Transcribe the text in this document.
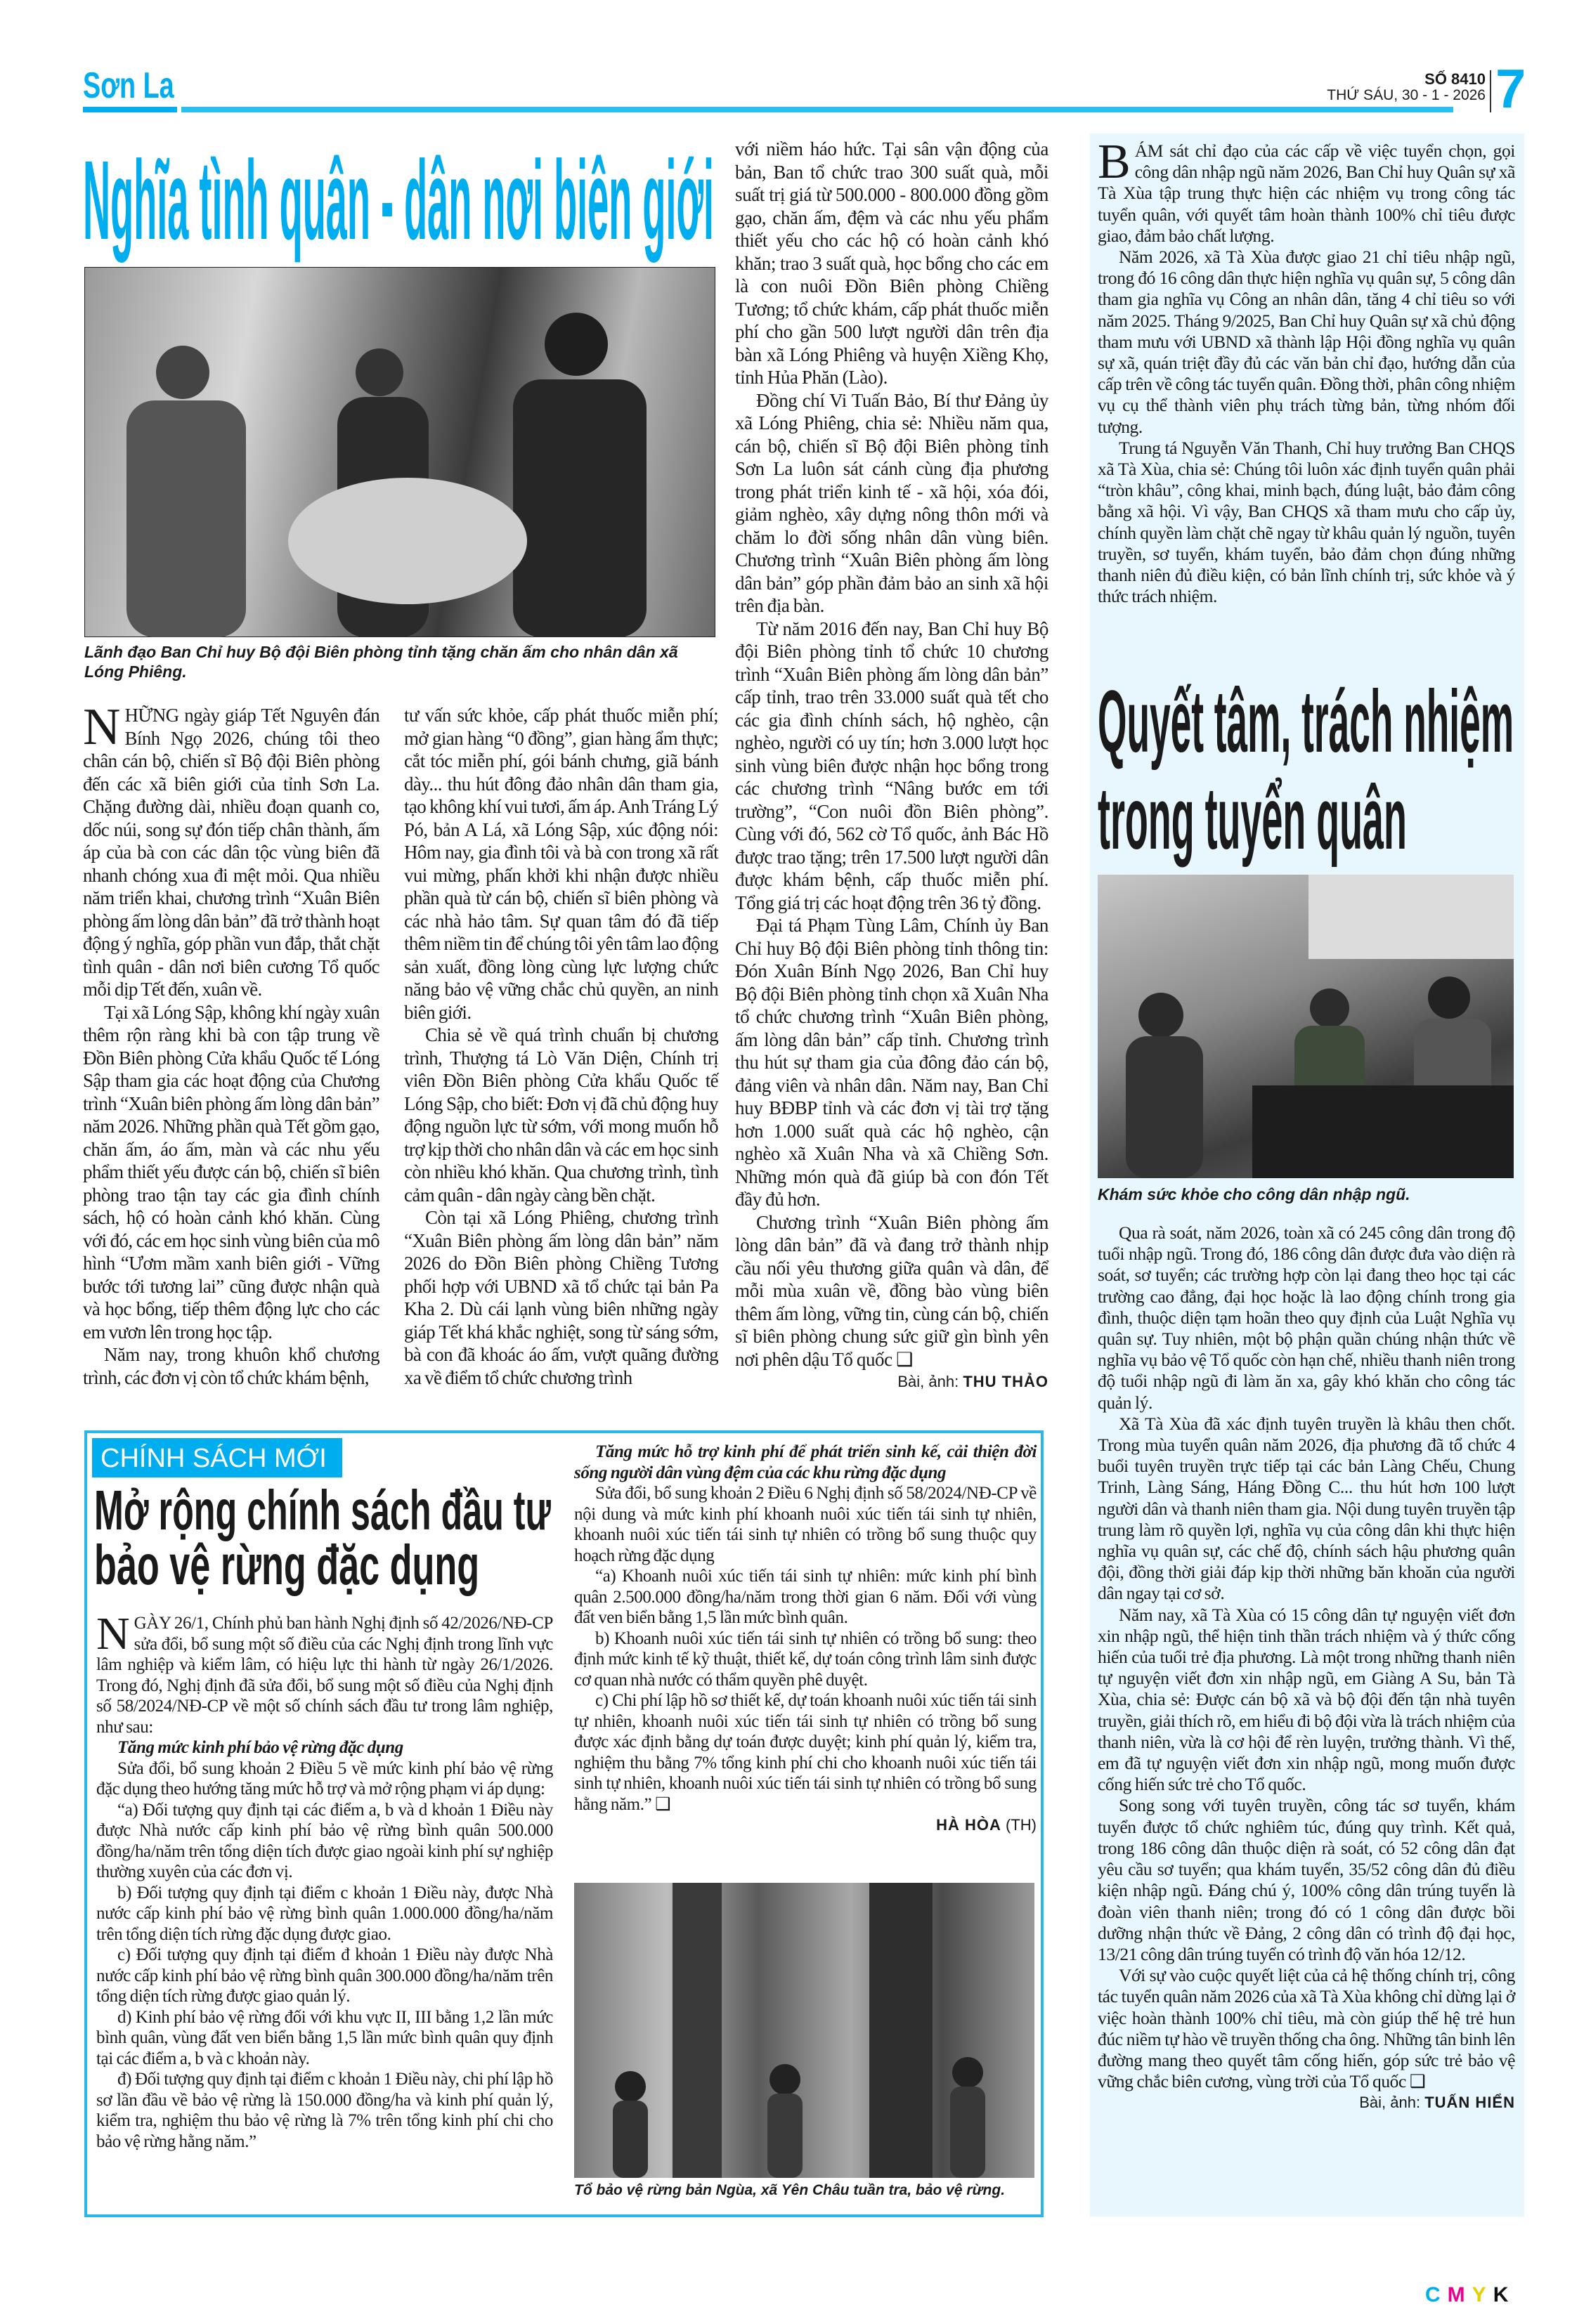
Sơn La	SỐ 8410
THỨ SÁU, 30 - 1 - 2026 7
Nghĩa tình quân - dân nơi biên giới
Lãnh đạo Ban Chỉ huy Bộ đội Biên phòng tỉnh tặng chăn ấm cho nhân dân xã Lóng Phiêng.
N HỮNG ngày giáp Tết Nguyên đán Bính Ngọ 2026, chúng tôi theo chân cán bộ, chiến sĩ Bộ đội Biên phòng đến các xã biên giới của tỉnh Sơn La. Chặng đường dài, nhiều đoạn quanh co, dốc núi, song sự đón tiếp chân thành, ấm áp của bà con các dân tộc vùng biên đã nhanh chóng xua đi mệt mỏi. Qua nhiều năm triển khai, chương trình “Xuân Biên phòng ấm lòng dân bản” đã trở thành hoạt động ý nghĩa, góp phần vun đắp, thắt chặt tình quân - dân nơi biên cương Tổ quốc mỗi dịp Tết đến, xuân về.

Tại xã Lóng Sập, không khí ngày xuân thêm rộn ràng khi bà con tập trung về Đồn Biên phòng Cửa khẩu Quốc tế Lóng Sập tham gia các hoạt động của Chương trình “Xuân biên phòng ấm lòng dân bản” năm 2026. Những phần quà Tết gồm gạo, chăn ấm, áo ấm, màn và các nhu yếu phẩm thiết yếu được cán bộ, chiến sĩ biên phòng trao tận tay các gia đình chính sách, hộ có hoàn cảnh khó khăn. Cùng với đó, các em học sinh vùng biên của mô hình “Ươm mầm xanh biên giới - Vững bước tới tương lai” cũng được nhận quà và học bổng, tiếp thêm động lực cho các em vươn lên trong học tập.

Năm nay, trong khuôn khổ chương trình, các đơn vị còn tổ chức khám bệnh,

tư vấn sức khỏe, cấp phát thuốc miễn phí; mở gian hàng “0 đồng”, gian hàng ẩm thực; cắt tóc miễn phí, gói bánh chưng, giã bánh dày... thu hút đông đảo nhân dân tham gia, tạo không khí vui tươi, ấm áp. Anh Tráng Lý Pó, bản A Lá, xã Lóng Sập, xúc động nói: Hôm nay, gia đình tôi và bà con trong xã rất vui mừng, phấn khởi khi nhận được nhiều phần quà từ cán bộ, chiến sĩ biên phòng và các nhà hảo tâm. Sự quan tâm đó đã tiếp thêm niềm tin để chúng tôi yên tâm lao động sản xuất, đồng lòng cùng lực lượng chức năng bảo vệ vững chắc chủ quyền, an ninh biên giới.

Chia sẻ về quá trình chuẩn bị chương trình, Thượng tá Lò Văn Diện, Chính trị viên Đồn Biên phòng Cửa khẩu Quốc tế Lóng Sập, cho biết: Đơn vị đã chủ động huy động nguồn lực từ sớm, với mong muốn hỗ trợ kịp thời cho nhân dân và các em học sinh còn nhiều khó khăn. Qua chương trình, tình cảm quân - dân ngày càng bền chặt.

Còn tại xã Lóng Phiêng, chương trình “Xuân Biên phòng ấm lòng dân bản” năm 2026 do Đồn Biên phòng Chiềng Tương phối hợp với UBND xã tổ chức tại bản Pa Kha 2. Dù cái lạnh vùng biên những ngày giáp Tết khá khắc nghiệt, song từ sáng sớm, bà con đã khoác áo ấm, vượt quãng đường xa về điểm tổ chức chương trình

với niềm háo hức. Tại sân vận động của bản, Ban tổ chức trao 300 suất quà, mỗi suất trị giá từ 500.000 - 800.000 đồng gồm gạo, chăn ấm, đệm và các nhu yếu phẩm thiết yếu cho các hộ có hoàn cảnh khó khăn; trao 3 suất quà, học bổng cho các em là con nuôi Đồn Biên phòng Chiềng Tương; tổ chức khám, cấp phát thuốc miễn phí cho gần 500 lượt người dân trên địa bàn xã Lóng Phiêng và huyện Xiềng Khọ, tỉnh Hủa Phăn (Lào).

Đồng chí Vi Tuấn Bảo, Bí thư Đảng ủy xã Lóng Phiêng, chia sẻ: Nhiều năm qua, cán bộ, chiến sĩ Bộ đội Biên phòng tỉnh Sơn La luôn sát cánh cùng địa phương trong phát triển kinh tế - xã hội, xóa đói, giảm nghèo, xây dựng nông thôn mới và chăm lo đời sống nhân dân vùng biên. Chương trình “Xuân Biên phòng ấm lòng dân bản” góp phần đảm bảo an sinh xã hội trên địa bàn.

Từ năm 2016 đến nay, Ban Chỉ huy Bộ đội Biên phòng tỉnh tổ chức 10 chương trình “Xuân Biên phòng ấm lòng dân bản” cấp tỉnh, trao trên 33.000 suất quà tết cho các gia đình chính sách, hộ nghèo, cận nghèo, người có uy tín; hơn 3.000 lượt học sinh vùng biên được nhận học bổng trong các chương trình “Nâng bước em tới trường”, “Con nuôi đồn Biên phòng”. Cùng với đó, 562 cờ Tổ quốc, ảnh Bác Hồ được trao tặng; trên 17.500 lượt người dân được khám bệnh, cấp thuốc miễn phí. Tổng giá trị các hoạt động trên 36 tỷ đồng.

Đại tá Phạm Tùng Lâm, Chính ủy Ban Chỉ huy Bộ đội Biên phòng tỉnh thông tin: Đón Xuân Bính Ngọ 2026, Ban Chỉ huy Bộ đội Biên phòng tỉnh chọn xã Xuân Nha tổ chức chương trình “Xuân Biên phòng, ấm lòng dân bản” cấp tỉnh. Chương trình thu hút sự tham gia của đông đảo cán bộ, đảng viên và nhân dân. Năm nay, Ban Chỉ huy BĐBP tỉnh và các đơn vị tài trợ tặng hơn 1.000 suất quà các hộ nghèo, cận nghèo xã Xuân Nha và xã Chiềng Sơn. Những món quà đã giúp bà con đón Tết đầy đủ hơn.

Chương trình “Xuân Biên phòng ấm lòng dân bản” đã và đang trở thành nhịp cầu nối yêu thương giữa quân và dân, để mỗi mùa xuân về, đồng bào vùng biên thêm ấm lòng, vững tin, cùng cán bộ, chiến sĩ biên phòng chung sức giữ gìn bình yên nơi phên dậu Tổ quốc ❑

Bài, ảnh: THU THẢO
B ÁM sát chỉ đạo của các cấp về việc tuyển chọn, gọi công dân nhập ngũ năm 2026, Ban Chỉ huy Quân sự xã Tà Xùa tập trung thực hiện các nhiệm vụ trong công tác tuyển quân, với quyết tâm hoàn thành 100% chỉ tiêu được giao, đảm bảo chất lượng.

Năm 2026, xã Tà Xùa được giao 21 chỉ tiêu nhập ngũ, trong đó 16 công dân thực hiện nghĩa vụ quân sự, 5 công dân tham gia nghĩa vụ Công an nhân dân, tăng 4 chỉ tiêu so với năm 2025. Tháng 9/2025, Ban Chỉ huy Quân sự xã chủ động tham mưu với UBND xã thành lập Hội đồng nghĩa vụ quân sự xã, quán triệt đầy đủ các văn bản chỉ đạo, hướng dẫn của cấp trên về công tác tuyển quân. Đồng thời, phân công nhiệm vụ cụ thể thành viên phụ trách từng bản, từng nhóm đối tượng.

Trung tá Nguyễn Văn Thanh, Chỉ huy trưởng Ban CHQS xã Tà Xùa, chia sẻ: Chúng tôi luôn xác định tuyển quân phải “tròn khâu”, công khai, minh bạch, đúng luật, bảo đảm công bằng xã hội. Vì vậy, Ban CHQS xã tham mưu cho cấp ủy, chính quyền làm chặt chẽ ngay từ khâu quản lý nguồn, tuyên truyền, sơ tuyển, khám tuyển, bảo đảm chọn đúng những thanh niên đủ điều kiện, có bản lĩnh chính trị, sức khỏe và ý thức trách nhiệm.

Quyết tâm, trách nhiệm
trong tuyển quân
Khám sức khỏe cho công dân nhập ngũ.

Qua rà soát, năm 2026, toàn xã có 245 công dân trong độ tuổi nhập ngũ. Trong đó, 186 công dân được đưa vào diện rà soát, sơ tuyển; các trường hợp còn lại đang theo học tại các trường cao đẳng, đại học hoặc là lao động chính trong gia đình, thuộc diện tạm hoãn theo quy định của Luật Nghĩa vụ quân sự. Tuy nhiên, một bộ phận quần chúng nhận thức về nghĩa vụ bảo vệ Tổ quốc còn hạn chế, nhiều thanh niên trong độ tuổi nhập ngũ đi làm ăn xa, gây khó khăn cho công tác quản lý.

Xã Tà Xùa đã xác định tuyên truyền là khâu then chốt. Trong mùa tuyển quân năm 2026, địa phương đã tổ chức 4 buổi tuyên truyền trực tiếp tại các bản Làng Chếu, Chung Trinh, Làng Sáng, Háng Đồng C... thu hút hơn 100 lượt người dân và thanh niên tham gia. Nội dung tuyên truyền tập trung làm rõ quyền lợi, nghĩa vụ của công dân khi thực hiện nghĩa vụ quân sự, các chế độ, chính sách hậu phương quân đội, đồng thời giải đáp kịp thời những băn khoăn của người dân ngay tại cơ sở.

Năm nay, xã Tà Xùa có 15 công dân tự nguyện viết đơn xin nhập ngũ, thể hiện tinh thần trách nhiệm và ý thức cống hiến của tuổi trẻ địa phương. Là một trong những thanh niên tự nguyện viết đơn xin nhập ngũ, em Giàng A Su, bản Tà Xùa, chia sẻ: Được cán bộ xã và bộ đội đến tận nhà tuyên truyền, giải thích rõ, em hiểu đi bộ đội vừa là trách nhiệm của thanh niên, vừa là cơ hội để rèn luyện, trưởng thành. Vì thế, em đã tự nguyện viết đơn xin nhập ngũ, mong muốn được cống hiến sức trẻ cho Tổ quốc.

Song song với tuyên truyền, công tác sơ tuyển, khám tuyển được tổ chức nghiêm túc, đúng quy trình. Kết quả, trong 186 công dân thuộc diện rà soát, có 52 công dân đạt yêu cầu sơ tuyển; qua khám tuyển, 35/52 công dân đủ điều kiện nhập ngũ. Đáng chú ý, 100% công dân trúng tuyển là đoàn viên thanh niên; trong đó có 1 công dân được bồi dưỡng nhận thức về Đảng, 2 công dân có trình độ đại học, 13/21 công dân trúng tuyển có trình độ văn hóa 12/12.

Với sự vào cuộc quyết liệt của cả hệ thống chính trị, công tác tuyển quân năm 2026 của xã Tà Xùa không chỉ dừng lại ở việc hoàn thành 100% chỉ tiêu, mà còn giúp thế hệ trẻ hun đúc niềm tự hào về truyền thống cha ông. Những tân binh lên đường mang theo quyết tâm cống hiến, góp sức trẻ bảo vệ vững chắc biên cương, vùng trời của Tổ quốc ❑

Bài, ảnh: TUẤN HIỂN
CHÍNH SÁCH MỚI
Mở rộng chính sách đầu tư
bảo vệ rừng đặc dụng
N GÀY 26/1, Chính phủ ban hành Nghị định số 42/2026/NĐ-CP sửa đổi, bổ sung một số điều của các Nghị định trong lĩnh vực lâm nghiệp và kiểm lâm, có hiệu lực thi hành từ ngày 26/1/2026. Trong đó, Nghị định đã sửa đổi, bổ sung một số điều của Nghị định số 58/2024/NĐ-CP về một số chính sách đầu tư trong lâm nghiệp, như sau:

Tăng mức kinh phí bảo vệ rừng đặc dụng

Sửa đổi, bổ sung khoản 2 Điều 5 về mức kinh phí bảo vệ rừng đặc dụng theo hướng tăng mức hỗ trợ và mở rộng phạm vi áp dụng:

“a) Đối tượng quy định tại các điểm a, b và d khoản 1 Điều này được Nhà nước cấp kinh phí bảo vệ rừng bình quân 500.000 đồng/ha/năm trên tổng diện tích được giao ngoài kinh phí sự nghiệp thường xuyên của các đơn vị.

b) Đối tượng quy định tại điểm c khoản 1 Điều này, được Nhà nước cấp kinh phí bảo vệ rừng bình quân 1.000.000 đồng/ha/năm trên tổng diện tích rừng đặc dụng được giao.

c) Đối tượng quy định tại điểm đ khoản 1 Điều này được Nhà nước cấp kinh phí bảo vệ rừng bình quân 300.000 đồng/ha/năm trên tổng diện tích rừng được giao quản lý.

d) Kinh phí bảo vệ rừng đối với khu vực II, III bằng 1,2 lần mức bình quân, vùng đất ven biển bằng 1,5 lần mức bình quân quy định tại các điểm a, b và c khoản này.

đ) Đối tượng quy định tại điểm c khoản 1 Điều này, chi phí lập hồ sơ lần đầu về bảo vệ rừng là 150.000 đồng/ha và kinh phí quản lý, kiểm tra, nghiệm thu bảo vệ rừng là 7% trên tổng kinh phí chi cho bảo vệ rừng hằng năm.”

Tăng mức hỗ trợ kinh phí để phát triển sinh kế, cải thiện đời sống người dân vùng đệm của các khu rừng đặc dụng

Sửa đổi, bổ sung khoản 2 Điều 6 Nghị định số 58/2024/NĐ-CP về nội dung và mức kinh phí khoanh nuôi xúc tiến tái sinh tự nhiên, khoanh nuôi xúc tiến tái sinh tự nhiên có trồng bổ sung thuộc quy hoạch rừng đặc dụng

“a) Khoanh nuôi xúc tiến tái sinh tự nhiên: mức kinh phí bình quân 2.500.000 đồng/ha/năm trong thời gian 6 năm. Đối với vùng đất ven biển bằng 1,5 lần mức bình quân.

b) Khoanh nuôi xúc tiến tái sinh tự nhiên có trồng bổ sung: theo định mức kinh tế kỹ thuật, thiết kế, dự toán công trình lâm sinh được cơ quan nhà nước có thẩm quyền phê duyệt.

c) Chi phí lập hồ sơ thiết kế, dự toán khoanh nuôi xúc tiến tái sinh tự nhiên, khoanh nuôi xúc tiến tái sinh tự nhiên có trồng bổ sung được xác định bằng dự toán được duyệt; kinh phí quản lý, kiểm tra, nghiệm thu bằng 7% tổng kinh phí chi cho khoanh nuôi xúc tiến tái sinh tự nhiên, khoanh nuôi xúc tiến tái sinh tự nhiên có trồng bổ sung hằng năm.” ❑

HÀ HÒA (TH)
Tổ bảo vệ rừng bản Ngùa, xã Yên Châu tuần tra, bảo vệ rừng.
CMYK
